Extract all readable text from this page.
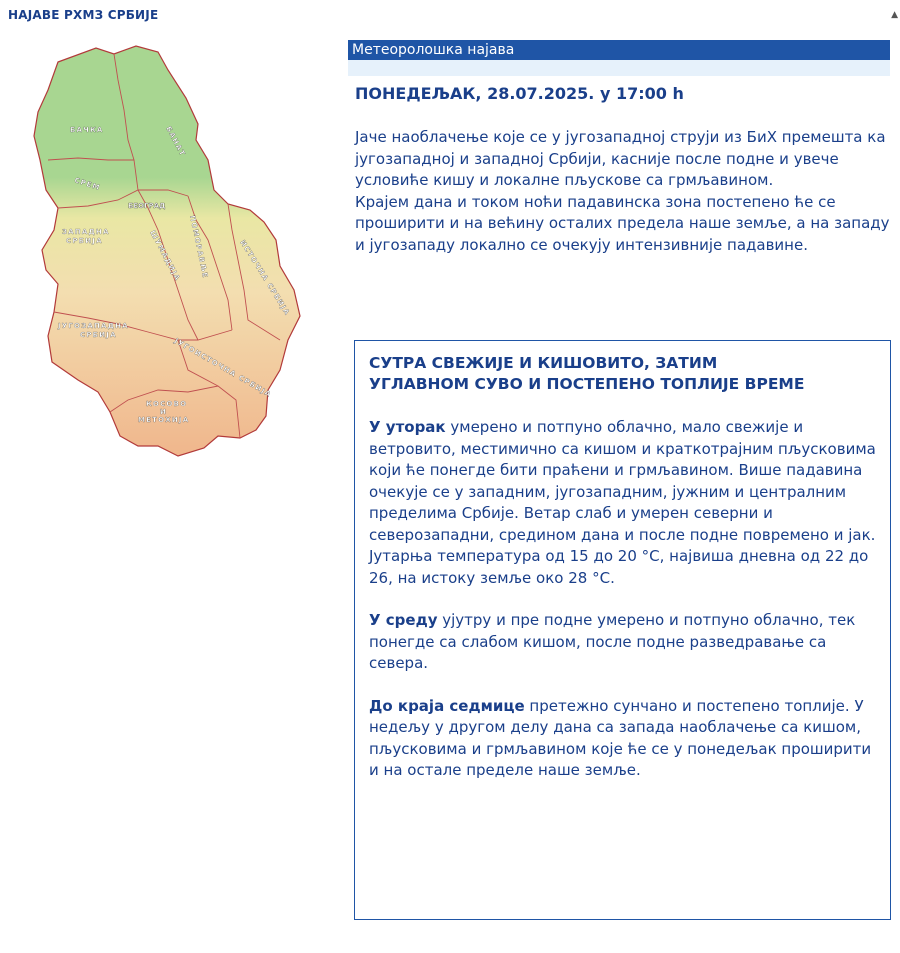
НАЈАВЕ РХМЗ СРБИЈЕ	▲
БАЧКА	БАНАТ
СРЕМ
БЕОГРАД
ЗАПАДНА
СРБИЈА	ШУМАДИЈА ПОМОРАВЉЕ	ИСТОЧНА СРБИЈА
ЈУГОЗАПАДНА
СРБИЈА
ЈУГОИСТОЧНА СРБИЈА
КОСОВО
И
МЕТОХИЈА
Метеоролошка најава
ПОНЕДЕЉАК, 28.07.2025. у 17:00 h

Јаче наоблачење које се у југозападној струји из БиХ премешта ка југозападној и западној Србији, касније после подне и увече условиће кишу и локалне пљускове са грмљавином.

Крајем дана и током ноћи падавинска зона постепено ће се проширити и на већину осталих предела наше земље, а на западу и југозападу локално се очекују интензивније падавине.

СУТРА СВЕЖИЈЕ И КИШОВИТО, ЗАТИМ УГЛАВНОМ СУВО И ПОСТЕПЕНО ТОПЛИЈЕ ВРЕМЕ

У уторак умерено и потпуно облачно, мало свежије и ветровито, местимично са кишом и краткотрајним пљусковима који ће понегде бити праћени и грмљавином. Више падавина очекује се у западним, југозападним, јужним и централним пределима Србије. Ветар слаб и умерен северни и северозападни, средином дана и после подне повремено и јак. Јутарња температура од 15 до 20 °C, највиша дневна од 22 до 26, на истоку земље око 28 °C.

У среду ујутру и пре подне умерено и потпуно облачно, тек понегде са слабом кишом, после подне разведравање са севера.

До краја седмице претежно сунчано и постепено топлије. У недељу у другом делу дана са запада наоблачење са кишом, пљусковима и грмљавином које ће се у понедељак проширити и на остале пределе наше земље.
